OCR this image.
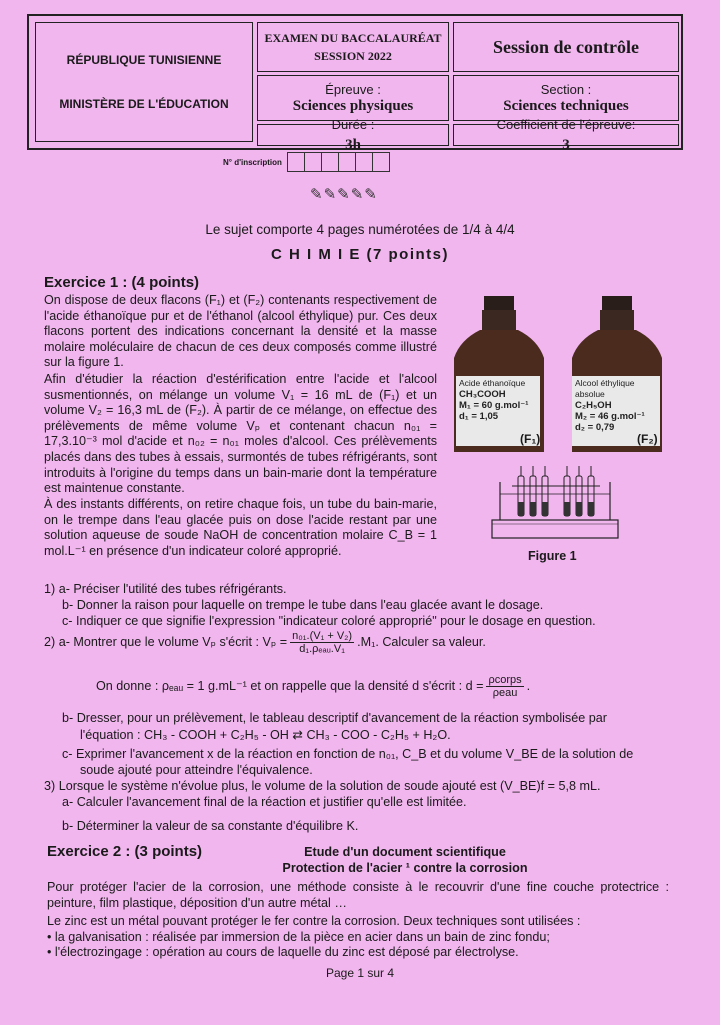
RÉPUBLIQUE TUNISIENNE
MINISTÈRE DE L'ÉDUCATION
EXAMEN DU BACCALAURÉAT
SESSION 2022	Session de contrôle
Épreuve :
Sciences physiques
Section :
Sciences techniques
Durée :
3h
Coefficient de l'épreuve:
3
N° d'inscription
✎✎✎✎✎
Le sujet comporte 4 pages numérotées de 1/4 à 4/4
C H I M I E (7 points)
Exercice 1 : (4 points)
On dispose de deux flacons (F₁) et (F₂) contenants respectivement de l'acide éthanoïque pur et de l'éthanol (alcool éthylique) pur. Ces deux flacons portent des indications concernant la densité et la masse molaire moléculaire de chacun de ces deux composés comme illustré sur la figure 1.
Afin d'étudier la réaction d'estérification entre l'acide et l'alcool susmentionnés, on mélange un volume V₁ = 16 mL de (F₁) et un volume V₂ = 16,3 mL de (F₂). À partir de ce mélange, on effectue des prélèvements de même volume Vₚ et contenant chacun n₀₁ = 17,3.10⁻³ mol d'acide et n₀₂ = n₀₁ moles d'alcool. Ces prélèvements placés dans des tubes à essais, surmontés de tubes réfrigérants, sont introduits à l'origine du temps dans un bain-marie dont la température est maintenue constante.
À des instants différents, on retire chaque fois, un tube du bain-marie, on le trempe dans l'eau glacée puis on dose l'acide restant par une solution aqueuse de soude NaOH de concentration molaire C_B = 1 mol.L⁻¹ en présence d'un indicateur coloré approprié.
Acide éthanoïque
CH₃COOH
M₁ = 60 g.mol⁻¹
d₁ = 1,05
(F₁)
Alcool éthylique absolue
C₂H₅OH
M₂ = 46 g.mol⁻¹
d₂ = 0,79
(F₂)
Figure 1
1) a- Préciser l'utilité des tubes réfrigérants.
b- Donner la raison pour laquelle on trempe le tube dans l'eau glacée avant le dosage.
c- Indiquer ce que signifie l'expression "indicateur coloré approprié" pour le dosage en question.
2) a- Montrer que le volume Vₚ s'écrit : $V_p = \frac{\text{n₀₁.(V₁ + V₂)}}{\text{d₁.ρₑₐᵤ.V₁}} .M_1$. Calculer sa valeur.
On donne : ρₑₐᵤ = 1 g.mL⁻¹ et on rappelle que la densité d s'écrit : $d = \frac{\text{ρcorps}}{\text{ρeau}}$ .
b- Dresser, pour un prélèvement, le tableau descriptif d'avancement de la réaction symbolisée par
l'équation : CH₃ - COOH + C₂H₅ - OH ⇄ CH₃ - COO - C₂H₅ + H₂O.
c- Exprimer l'avancement x de la réaction en fonction de n₀₁, C_B et du volume V_BE de la solution de
soude ajouté pour atteindre l'équivalence.
3) Lorsque le système n'évolue plus, le volume de la solution de soude ajouté est (V_BE)f = 5,8 mL.
a- Calculer l'avancement final de la réaction et justifier qu'elle est limitée.
b- Déterminer la valeur de sa constante d'équilibre K.
Exercice 2 : (3 points)	Etude d'un document scientifique
Protection de l'acier ¹ contre la corrosion
Pour protéger l'acier de la corrosion, une méthode consiste à le recouvrir d'une fine couche protectrice : peinture, film plastique, déposition d'un autre métal …
Le zinc est un métal pouvant protéger le fer contre la corrosion. Deux techniques sont utilisées :
• la galvanisation : réalisée par immersion de la pièce en acier dans un bain de zinc fondu;
• l'électrozingage : opération au cours de laquelle du zinc est déposé par électrolyse.
Page 1 sur 4
